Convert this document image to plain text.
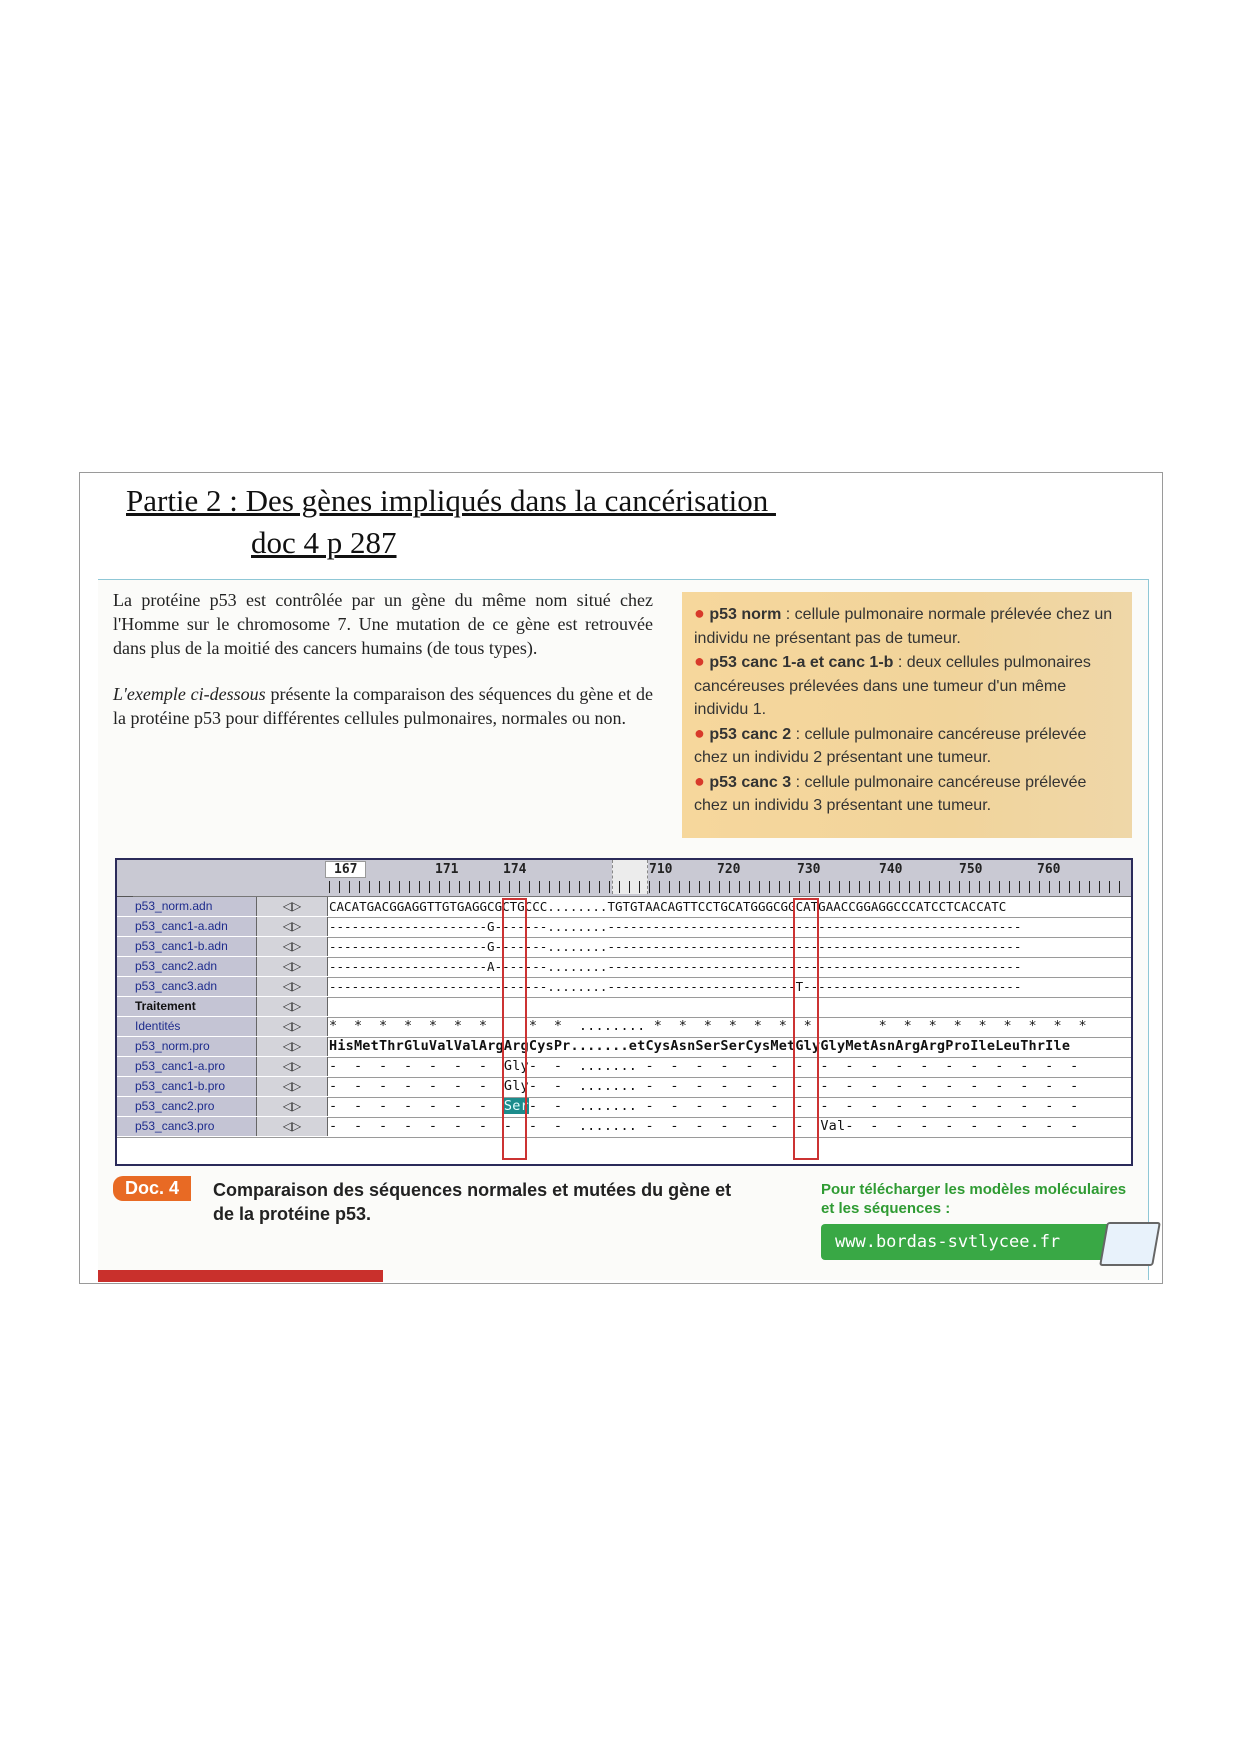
Partie 2 : Des gènes impliqués dans la cancérisation
doc 4 p 287

La protéine p53 est contrôlée par un gène du même nom situé chez l'Homme sur le chromosome 7. Une mutation de ce gène est retrouvée dans plus de la moitié des cancers humains (de tous types).

L'exemple ci-dessous présente la comparaison des séquences du gène et de la protéine p53 pour différentes cellules pulmonaires, normales ou non.

● p53 norm : cellule pulmonaire normale prélevée chez un individu ne présentant pas de tumeur.
● p53 canc 1-a et canc 1-b : deux cellules pulmonaires cancéreuses prélevées dans une tumeur d'un même individu 1.
● p53 canc 2 : cellule pulmonaire cancéreuse prélevée chez un individu 2 présentant une tumeur.
● p53 canc 3 : cellule pulmonaire cancéreuse prélevée chez un individu 3 présentant une tumeur.
167	171	174	710	720	730	740	750	760
p53_norm.adn	◁▷	CACATGACGGAGGTTGTGAGGCGCTGCCC........TGTGTAACAGTTCCTGCATGGGCGGCATGAACCGGAGGCCCATCCTCACCATC
p53_canc1-a.adn	◁▷	---------------------G-------........-------------------------------------------------------
p53_canc1-b.adn	◁▷	---------------------G-------........-------------------------------------------------------
p53_canc2.adn	◁▷	---------------------A-------........-------------------------------------------------------
p53_canc3.adn	◁▷	-----------------------------........-------------------------T-----------------------------
Traitement	◁▷
Identités	◁▷	*  *  *  *  *  *  *     *  *  ........ *  *  *  *  *  *  *        *  *  *  *  *  *  *  *  *
p53_norm.pro	◁▷	HisMetThrGluValValArgArgCysPr.......etCysAsnSerSerCysMetGlyGlyMetAsnArgArgProIleLeuThrIle
p53_canc1-a.pro	◁▷	-  -  -  -  -  -  -  Gly-  -  ....... -  -  -  -  -  -  -  -  -  -  -  -  -  -  -  -  -  -
p53_canc1-b.pro	◁▷	-  -  -  -  -  -  -  Gly-  -  ....... -  -  -  -  -  -  -  -  -  -  -  -  -  -  -  -  -  -
p53_canc2.pro	◁▷	-  -  -  -  -  -  -  Ser-  -  ....... -  -  -  -  -  -  -  -  -  -  -  -  -  -  -  -  -  -
p53_canc3.pro	◁▷	-  -  -  -  -  -  -  -  -  -  ....... -  -  -  -  -  -  -  Val-  -  -  -  -  -  -  -  -  -
Doc. 4	Comparaison des séquences normales et mutées du gène et de la protéine p53.
Pour télécharger les modèles moléculaires et les séquences :
www.bordas-svtlycee.fr
